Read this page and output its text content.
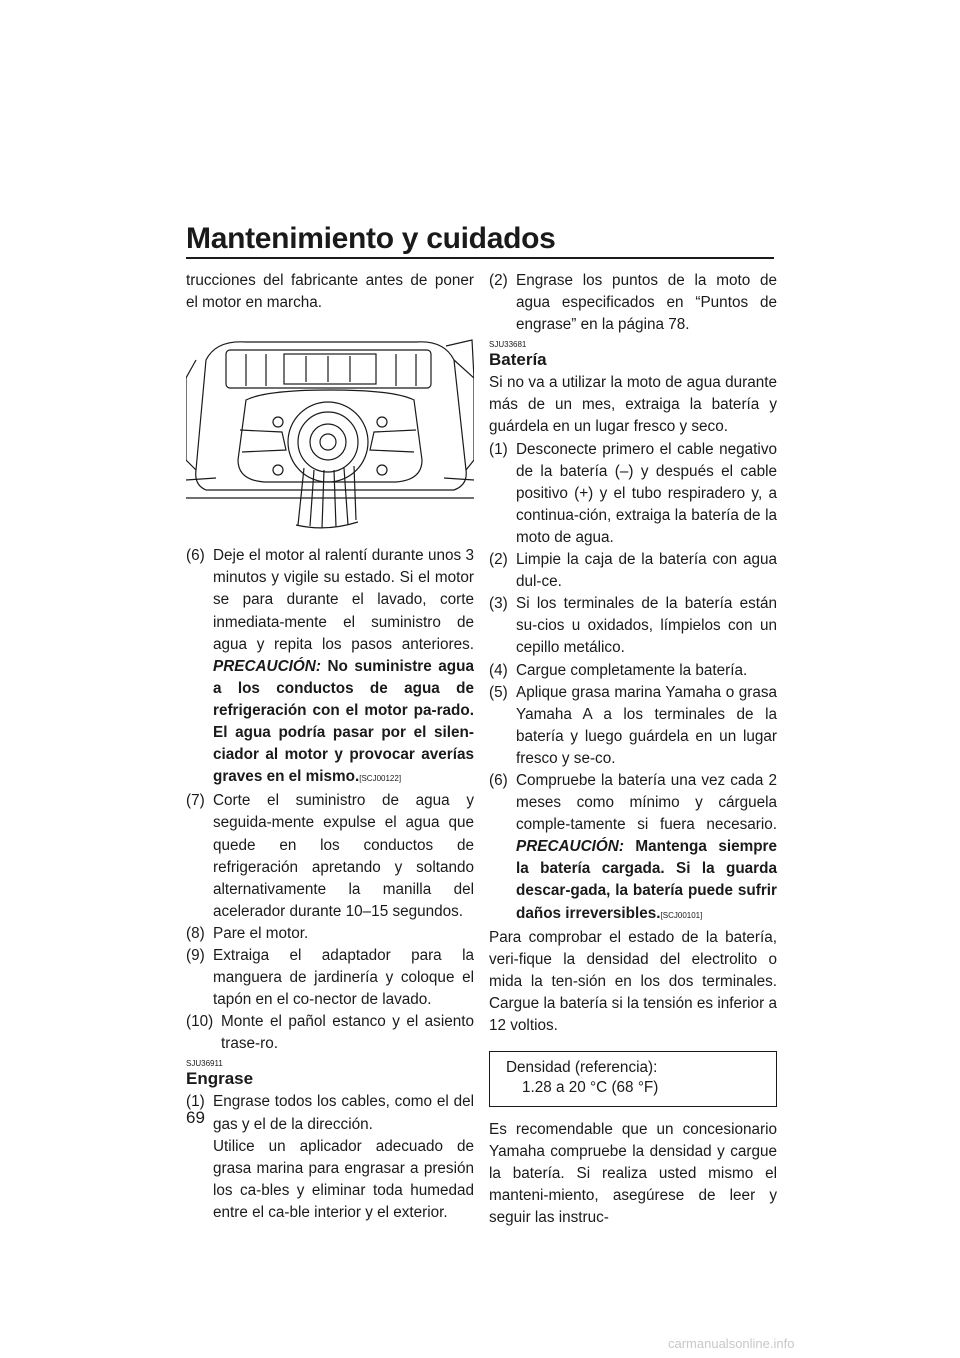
Mantenimiento y cuidados

trucciones del fabricante antes de poner el motor en marcha.

(6) Deje el motor al ralentí durante unos 3 minutos y vigile su estado. Si el motor se para durante el lavado, corte inmediata-mente el suministro de agua y repita los pasos anteriores. PRECAUCIÓN: No suministre agua a los conductos de agua de refrigeración con el motor pa-rado. El agua podría pasar por el silen-ciador al motor y provocar averías graves en el mismo.[SCJ00122]
(7) Corte el suministro de agua y seguida-mente expulse el agua que quede en los conductos de refrigeración apretando y soltando alternativamente la manilla del acelerador durante 10–15 segundos.
(8) Pare el motor.
(9) Extraiga el adaptador para la manguera de jardinería y coloque el tapón en el co-nector de lavado.
(10) Monte el pañol estanco y el asiento trase-ro.
SJU36911
Engrase
(1) Engrase todos los cables, como el del gas y el de la dirección.
Utilice un aplicador adecuado de grasa marina para engrasar a presión los ca-bles y eliminar toda humedad entre el ca-ble interior y el exterior.
(2) Engrase los puntos de la moto de agua especificados en “Puntos de engrase” en la página 78.
SJU33681
Batería

Si no va a utilizar la moto de agua durante más de un mes, extraiga la batería y guárdela en un lugar fresco y seco.

(1) Desconecte primero el cable negativo de la batería (–) y después el cable positivo (+) y el tubo respiradero y, a continua-ción, extraiga la batería de la moto de agua.
(2) Limpie la caja de la batería con agua dul-ce.
(3) Si los terminales de la batería están su-cios u oxidados, límpielos con un cepillo metálico.
(4) Cargue completamente la batería.
(5) Aplique grasa marina Yamaha o grasa Yamaha A a los terminales de la batería y luego guárdela en un lugar fresco y se-co.
(6) Compruebe la batería una vez cada 2 meses como mínimo y cárguela comple-tamente si fuera necesario. PRECAUCIÓN: Mantenga siempre la batería cargada. Si la guarda descar-gada, la batería puede sufrir daños irreversibles.[SCJ00101]

Para comprobar el estado de la batería, veri-fique la densidad del electrolito o mida la ten-sión en los dos terminales. Cargue la batería si la tensión es inferior a 12 voltios.

Densidad (referencia):
1.28 a 20 °C (68 °F)

Es recomendable que un concesionario Yamaha compruebe la densidad y cargue la batería. Si realiza usted mismo el manteni-miento, asegúrese de leer y seguir las instruc-

69
carmanualsonline.info
